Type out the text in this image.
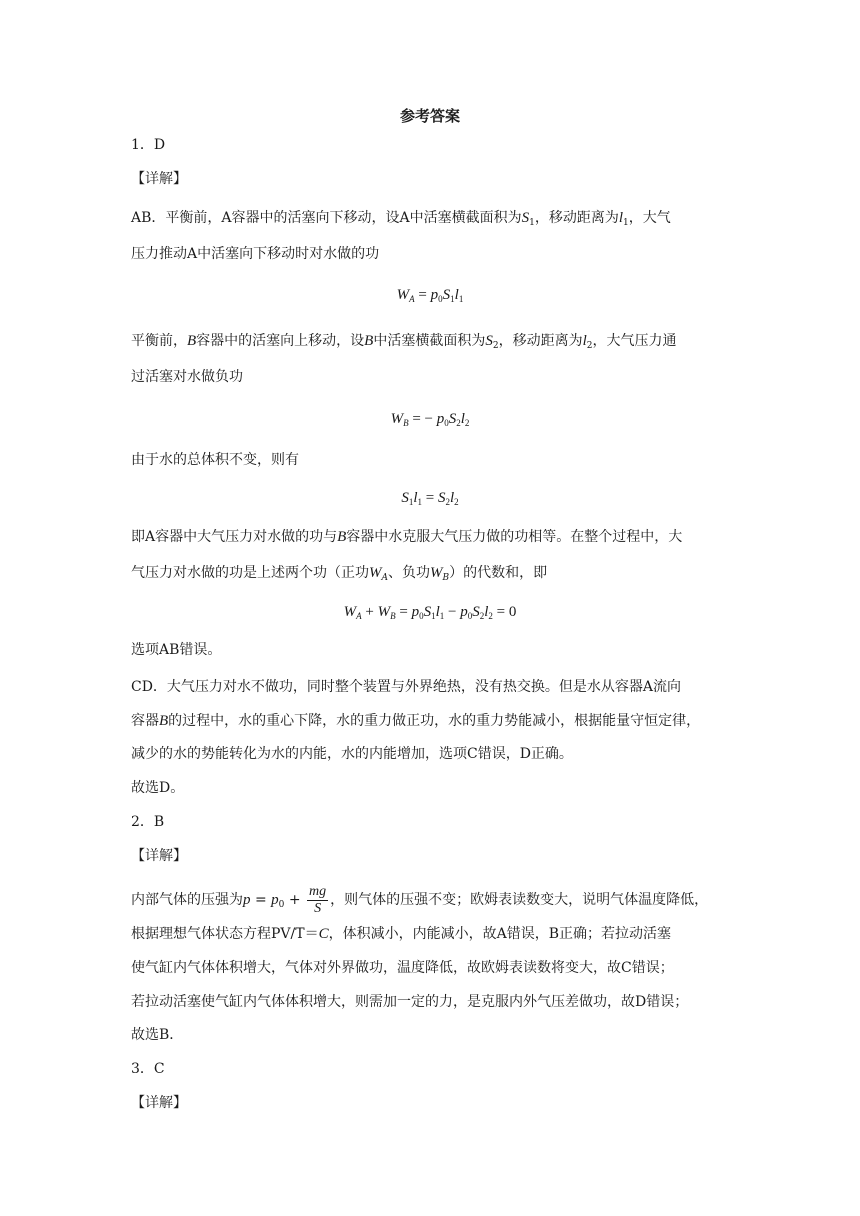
参考答案
1．D
【详解】
AB．平衡前，A容器中的活塞向下移动，设A中活塞横截面积为$S_1$，移动距离为$l_1$，大气
压力推动A中活塞向下移动时对水做的功
$W_A = p_0S_1l_1$
平衡前，B容器中的活塞向上移动，设B中活塞横截面积为$S_2$，移动距离为$l_2$，大气压力通
过活塞对水做负功
$W_B$ = − $p_0S_2l_2$
由于水的总体积不变，则有
$S_1l_1 = S_2l_2$
即A容器中大气压力对水做的功与B容器中水克服大气压力做的功相等。在整个过程中，大
气压力对水做的功是上述两个功（正功$W_A$、负功$W_B$）的代数和，即
$W_A + W_B = p_0S_1l_1 - p_0S_2l_2 = 0$
选项AB错误。
CD．大气压力对水不做功，同时整个装置与外界绝热，没有热交换。但是水从容器A流向
容器B的过程中，水的重心下降，水的重力做正功，水的重力势能减小，根据能量守恒定律，
减少的水的势能转化为水的内能，水的内能增加，选项C错误，D正确。
故选D。
2．B
【详解】
内部气体的压强为$p = p_0 + \frac{mg}{S}$ ，则气体的压强不变；欧姆表读数变大，说明气体温度降低，
根据理想气体状态方程PV/T＝C，体积减小，内能减小，故A错误，B正确；若拉动活塞
使气缸内气体体积增大，气体对外界做功，温度降低，故欧姆表读数将变大，故C错误；
若拉动活塞使气缸内气体体积增大，则需加一定的力，是克服内外气压差做功，故D错误；
故选B．
3．C
【详解】
